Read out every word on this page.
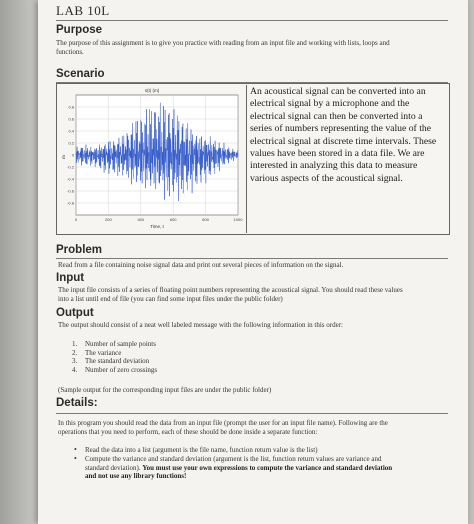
LAB 10L
Purpose
The purpose of this assignment is to give you practice with reading from an input file and working with lists, loops and functions.
Scenario
s(t) (m)
0.8
0.6
0.4
0.2
0
-0.2
-0.4
-0.6
-0.8
0	200	400	600	800	1000
Time, t
m
An acoustical signal can be converted into an electrical signal by a microphone and the electrical signal can then be converted into a series of numbers representing the value of the electrical signal at discrete time intervals. These values have been stored in a data file. We are interested in analyzing this data to measure various aspects of the acoustical signal.
Problem
Read from a file containing noise signal data and print out several pieces of information on the signal.
Input
The input file consists of a series of floating point numbers representing the acoustical signal. You should read these values into a list until end of file (you can find some input files under the public folder)
Output
The output should consist of a neat well labeled message with the following information in this order:
1. Number of sample points
2. The variance
3. The standard deviation
4. Number of zero crossings
(Sample output for the corresponding input files are under the public folder)
Details:
In this program you should read the data from an input file (prompt the user for an input file name). Following are the operations that you need to perform, each of these should be done inside a separate function:
• Read the data into a list (argument is the file name, function return value is the list)
• Compute the variance and standard deviation (argument is the list, function return values are variance and standard deviation). You must use your own expressions to compute the variance and standard deviation and not use any library functions!
